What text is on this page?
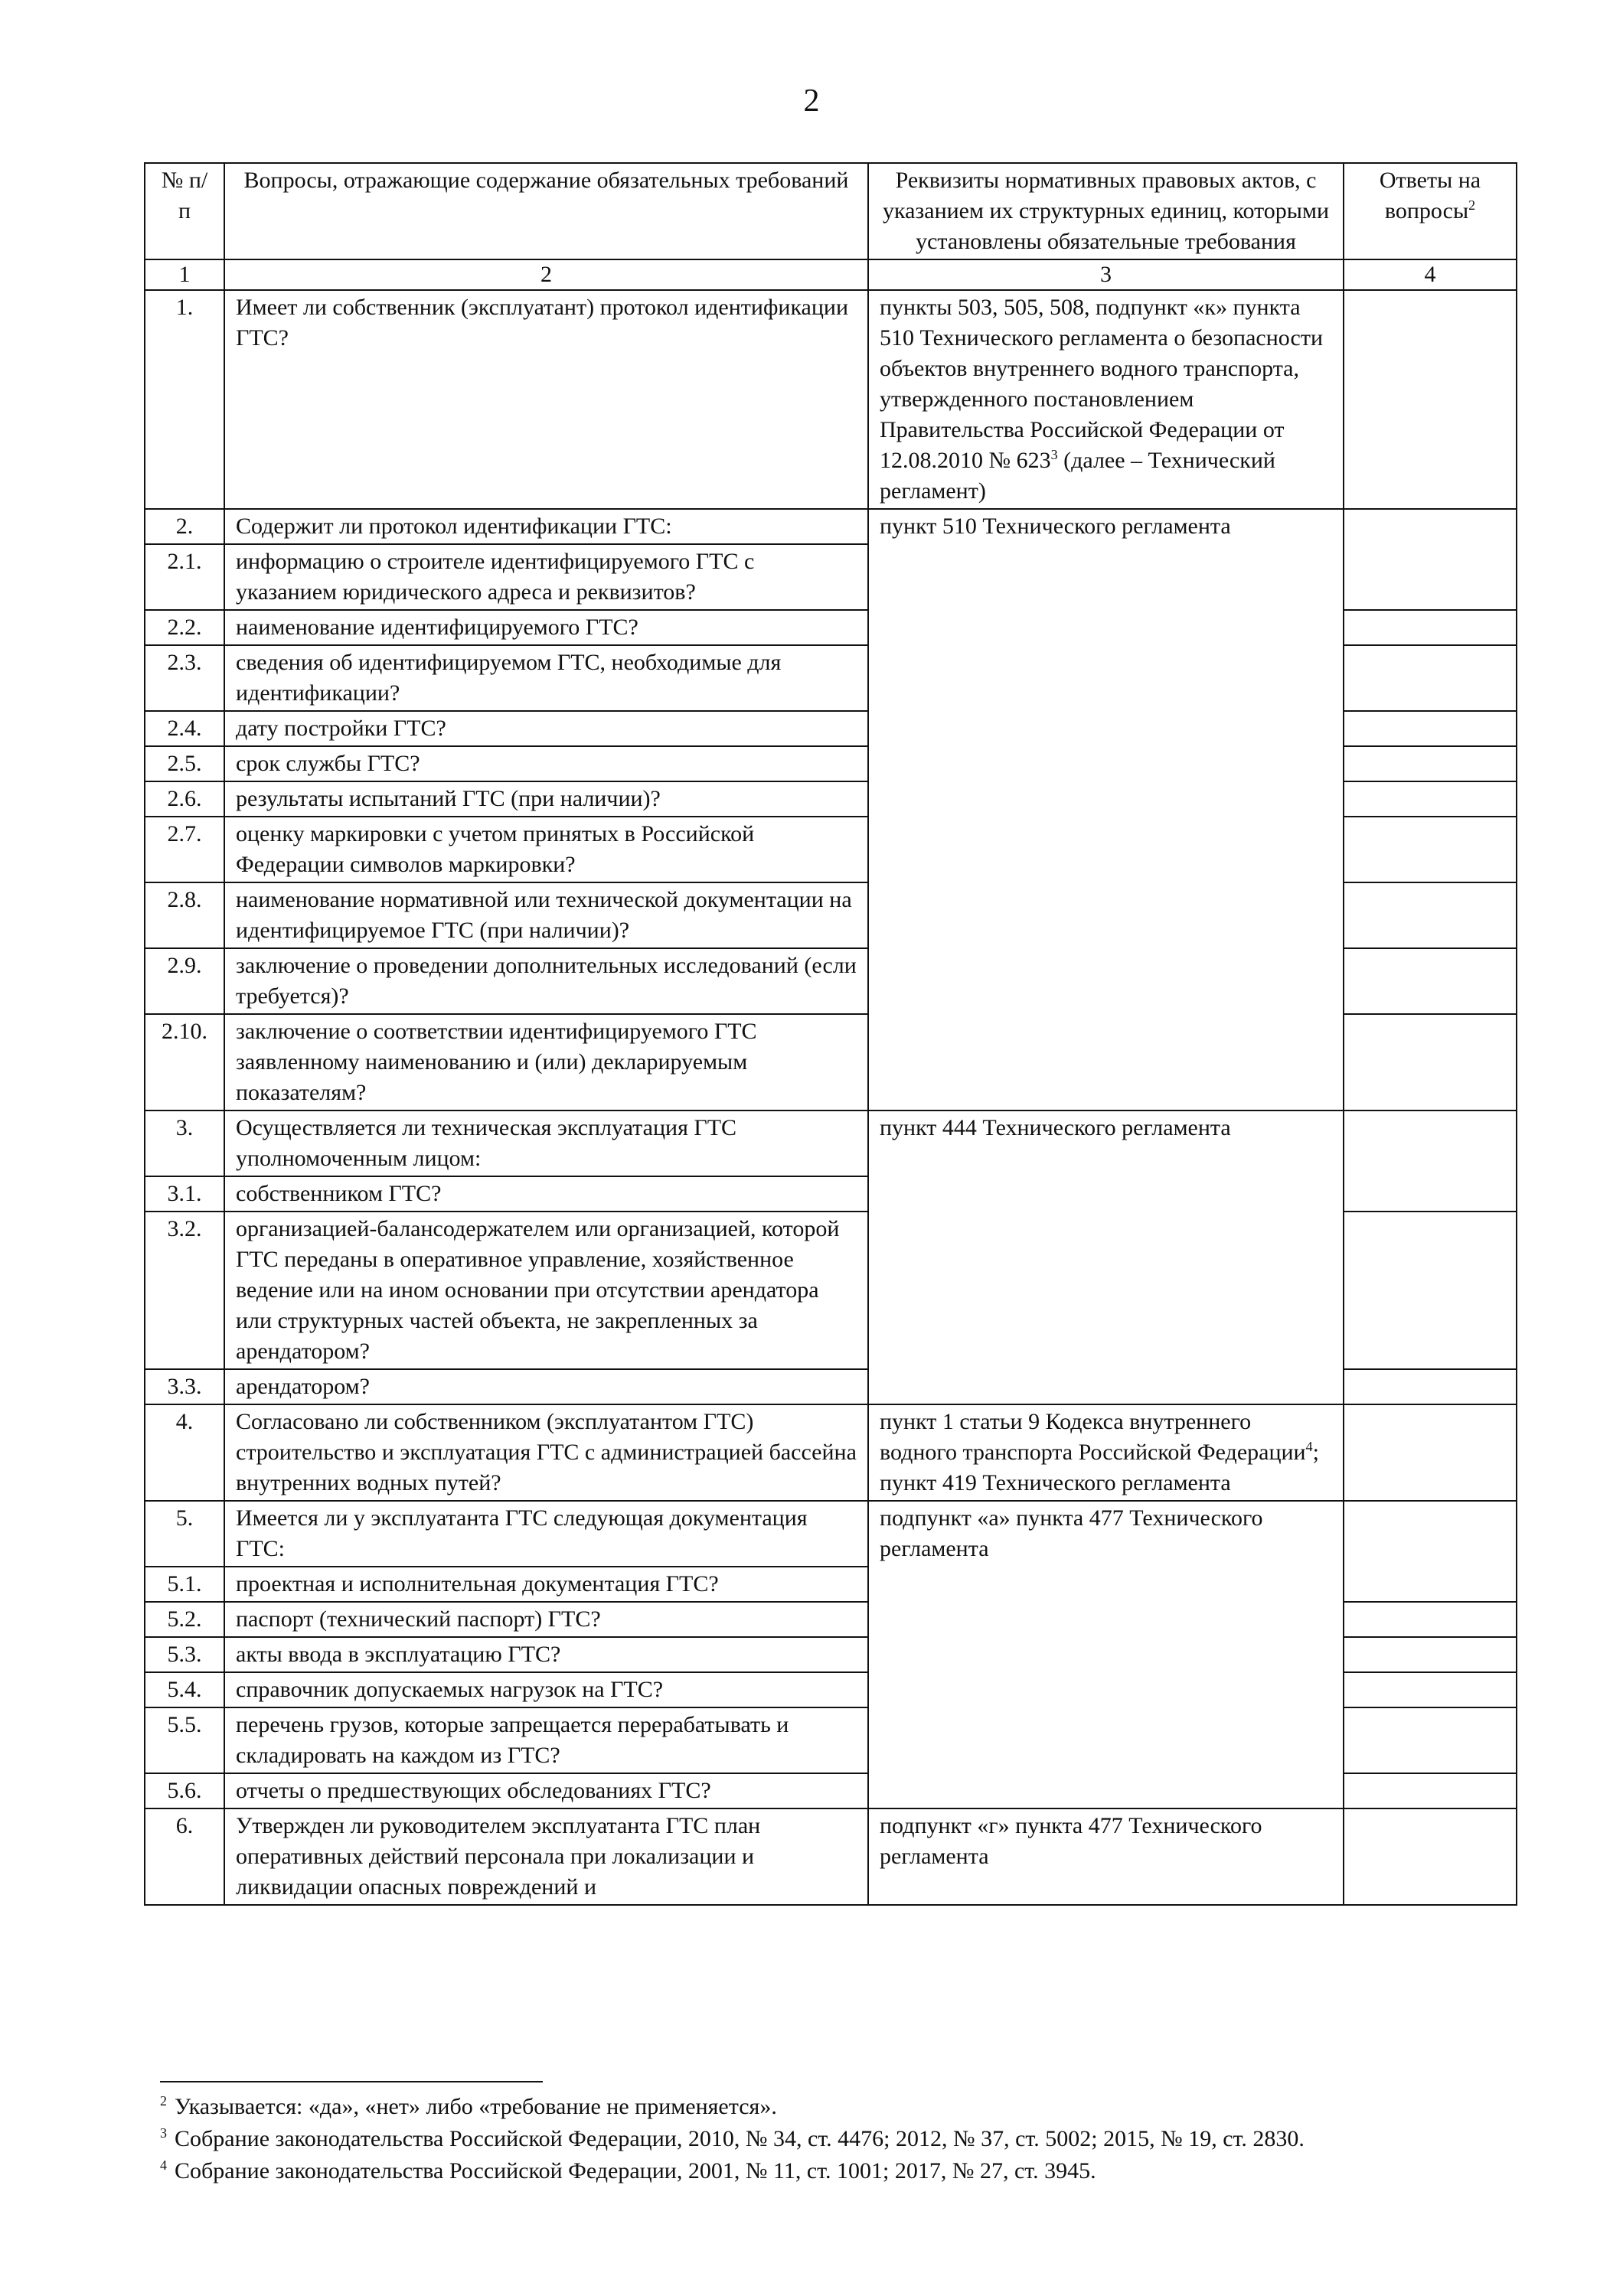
2
№ п/п	Вопросы, отражающие содержание обязательных требований	Реквизиты нормативных правовых актов, с указанием их структурных единиц, которыми установлены обязательные требования	Ответы на вопросы$^2$
1	2	3	4
1.	Имеет ли собственник (эксплуатант) протокол идентификации ГТС?	пункты 503, 505, 508, подпункт «к» пункта 510 Технического регламента о безопасности объектов внутреннего водного транспорта, утвержденного постановлением Правительства Российской Федерации от 12.08.2010 № $623^3$ (далее – Технический регламент)	
2.	Содержит ли протокол идентификации ГТС:	пункт 510 Технического регламента	
2.1.	информацию о строителе идентифицируемого ГТС с указанием юридического адреса и реквизитов?		
2.2.	наименование идентифицируемого ГТС?		
2.3.	сведения об идентифицируемом ГТС, необходимые для идентификации?		
2.4.	дату постройки ГТС?		
2.5.	срок службы ГТС?		
2.6.	результаты испытаний ГТС (при наличии)?		
2.7.	оценку маркировки с учетом принятых в Российской Федерации символов маркировки?		
2.8.	наименование нормативной или технической документации на идентифицируемое ГТС (при наличии)?		
2.9.	заключение о проведении дополнительных исследований (если требуется)?		
2.10.	заключение о соответствии идентифицируемого ГТС заявленному наименованию и (или) декларируемым показателям?		
3.	Осуществляется ли техническая эксплуатация ГТС уполномоченным лицом:	пункт 444 Технического регламента	
3.1.	собственником ГТС?		
3.2.	организацией-балансодержателем или организацией, которой ГТС переданы в оперативное управление, хозяйственное ведение или на ином основании при отсутствии арендатора или структурных частей объекта, не закрепленных за арендатором?		
3.3.	арендатором?		
4.	Согласовано ли собственником (эксплуатантом ГТС) строительство и эксплуатация ГТС с администрацией бассейна внутренних водных путей?	пункт 1 статьи 9 Кодекса внутреннего водного транспорта Российской Федерации$^4$;
пункт 419 Технического регламента	
5.	Имеется ли у эксплуатанта ГТС следующая документация ГТС:	подпункт «а» пункта 477 Технического регламента	
5.1.	проектная и исполнительная документация ГТС?		
5.2.	паспорт (технический паспорт) ГТС?		
5.3.	акты ввода в эксплуатацию ГТС?		
5.4.	справочник допускаемых нагрузок на ГТС?		
5.5.	перечень грузов, которые запрещается перерабатывать и складировать на каждом из ГТС?		
5.6.	отчеты о предшествующих обследованиях ГТС?		
6.	Утвержден ли руководителем эксплуатанта ГТС план оперативных действий персонала при локализации и ликвидации опасных повреждений и	подпункт «г» пункта 477 Технического регламента	
$^2$ Указывается: «да», «нет» либо «требование не применяется».
$^3$ Собрание законодательства Российской Федерации, 2010, № 34, ст. 4476; 2012, № 37, ст. 5002; 2015, № 19, ст. 2830.
$^4$ Собрание законодательства Российской Федерации, 2001, № 11, ст. 1001; 2017, № 27, ст. 3945.
